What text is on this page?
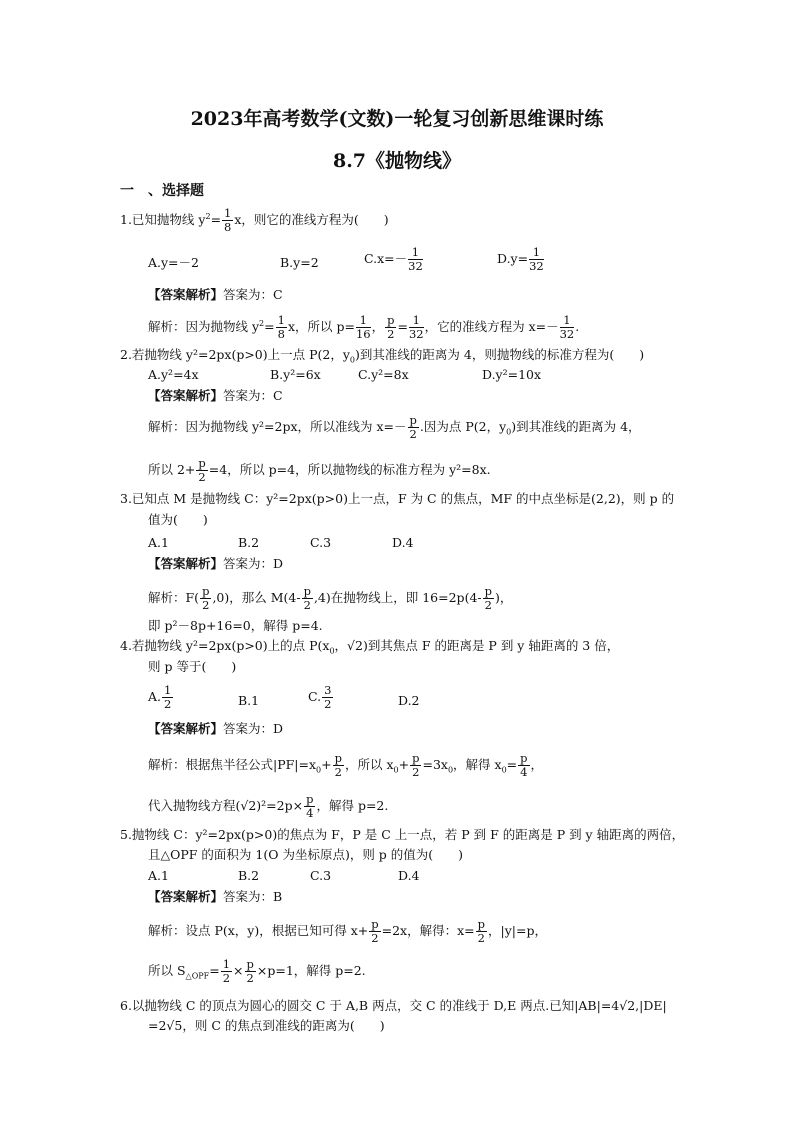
2023年高考数学(文数)一轮复习创新思维课时练
8.7《抛物线》
一　、选择题
1.已知抛物线 $y^2= \frac{1}{8}$ x，则它的准线方程为(　　)
A.y=－2	B.y=2	$C.x=- \frac{1}{32}$	$D.y= \frac{1}{32}$
【答案解析】答案为：C
解析：因为抛物线 $y^2= \frac{1}{8}$ x，所以 $p= \frac{1}{16}$ ， $\frac{p}{2} = \frac{1}{32}$ ，它的准线方程为 $x=- \frac{1}{32}$ .
2.若抛物线 y²=2px(p>0)上一点 P(2，$y_0$)到其准线的距离为 4，则抛物线的标准方程为(　　)
A.y²=4x	B.y²=6x	C.y²=8x	D.y²=10x
【答案解析】答案为：C
解析：因为抛物线 y²=2px，所以准线为 $x=- \frac{p}{2}$ .因为点 P(2，$y_0$)到其准线的距离为 4，
所以 $2+ \frac{p}{2} =4$，所以 p=4，所以抛物线的标准方程为 y²=8x.
3.已知点 M 是抛物线 C：y²=2px(p>0)上一点，F 为 C 的焦点，MF 的中点坐标是(2,2)，则 p 的
值为(　　)
A.1	B.2	C.3	D.4
【答案解析】答案为：D
解析：$F( \frac{p}{2} ,0)$，那么 $M(4- \frac{p}{2} ,4)$在抛物线上，即 $16=2p(4- \frac{p}{2}$ )，
即 p²－8p+16=0，解得 p=4.
4.若抛物线 y²=2px(p>0)上的点 $P(x_0$，√2)到其焦点 F 的距离是 P 到 y 轴距离的 3 倍，
则 p 等于(　　)
A. $\frac{1}{2}$	B.1	C. $\frac{3}{2}$	D.2
【答案解析】答案为：D
解析：根据焦半径公式$|PF|=x_0+ \frac{p}{2}$ ，所以 $x_0+ \frac{p}{2} =3x_0$，解得 $x_0= \frac{p}{4}$ ，
代入抛物线方程$(√2)^2=2p\times \frac{p}{4}$ ，解得 p=2.
5.抛物线 C：y²=2px(p>0)的焦点为 F，P 是 C 上一点，若 P 到 F 的距离是 P 到 y 轴距离的两倍，
且△OPF 的面积为 1(O 为坐标原点)，则 p 的值为(　　)
A.1	B.2	C.3	D.4
【答案解析】答案为：B
解析：设点 P(x，y)，根据已知可得 $x+ \frac{p}{2} =2x$，解得：$x= \frac{p}{2}$ ，|y|=p，
所以 $S_{\triangle OPF}= \frac{1}{2} \times \frac{p}{2} \times p=1$，解得 p=2.
6.以抛物线 C 的顶点为圆心的圆交 C 于 A,B 两点，交 C 的准线于 D,E 两点.已知|AB|=4√2,|DE|
=2√5，则 C 的焦点到准线的距离为(　　)
